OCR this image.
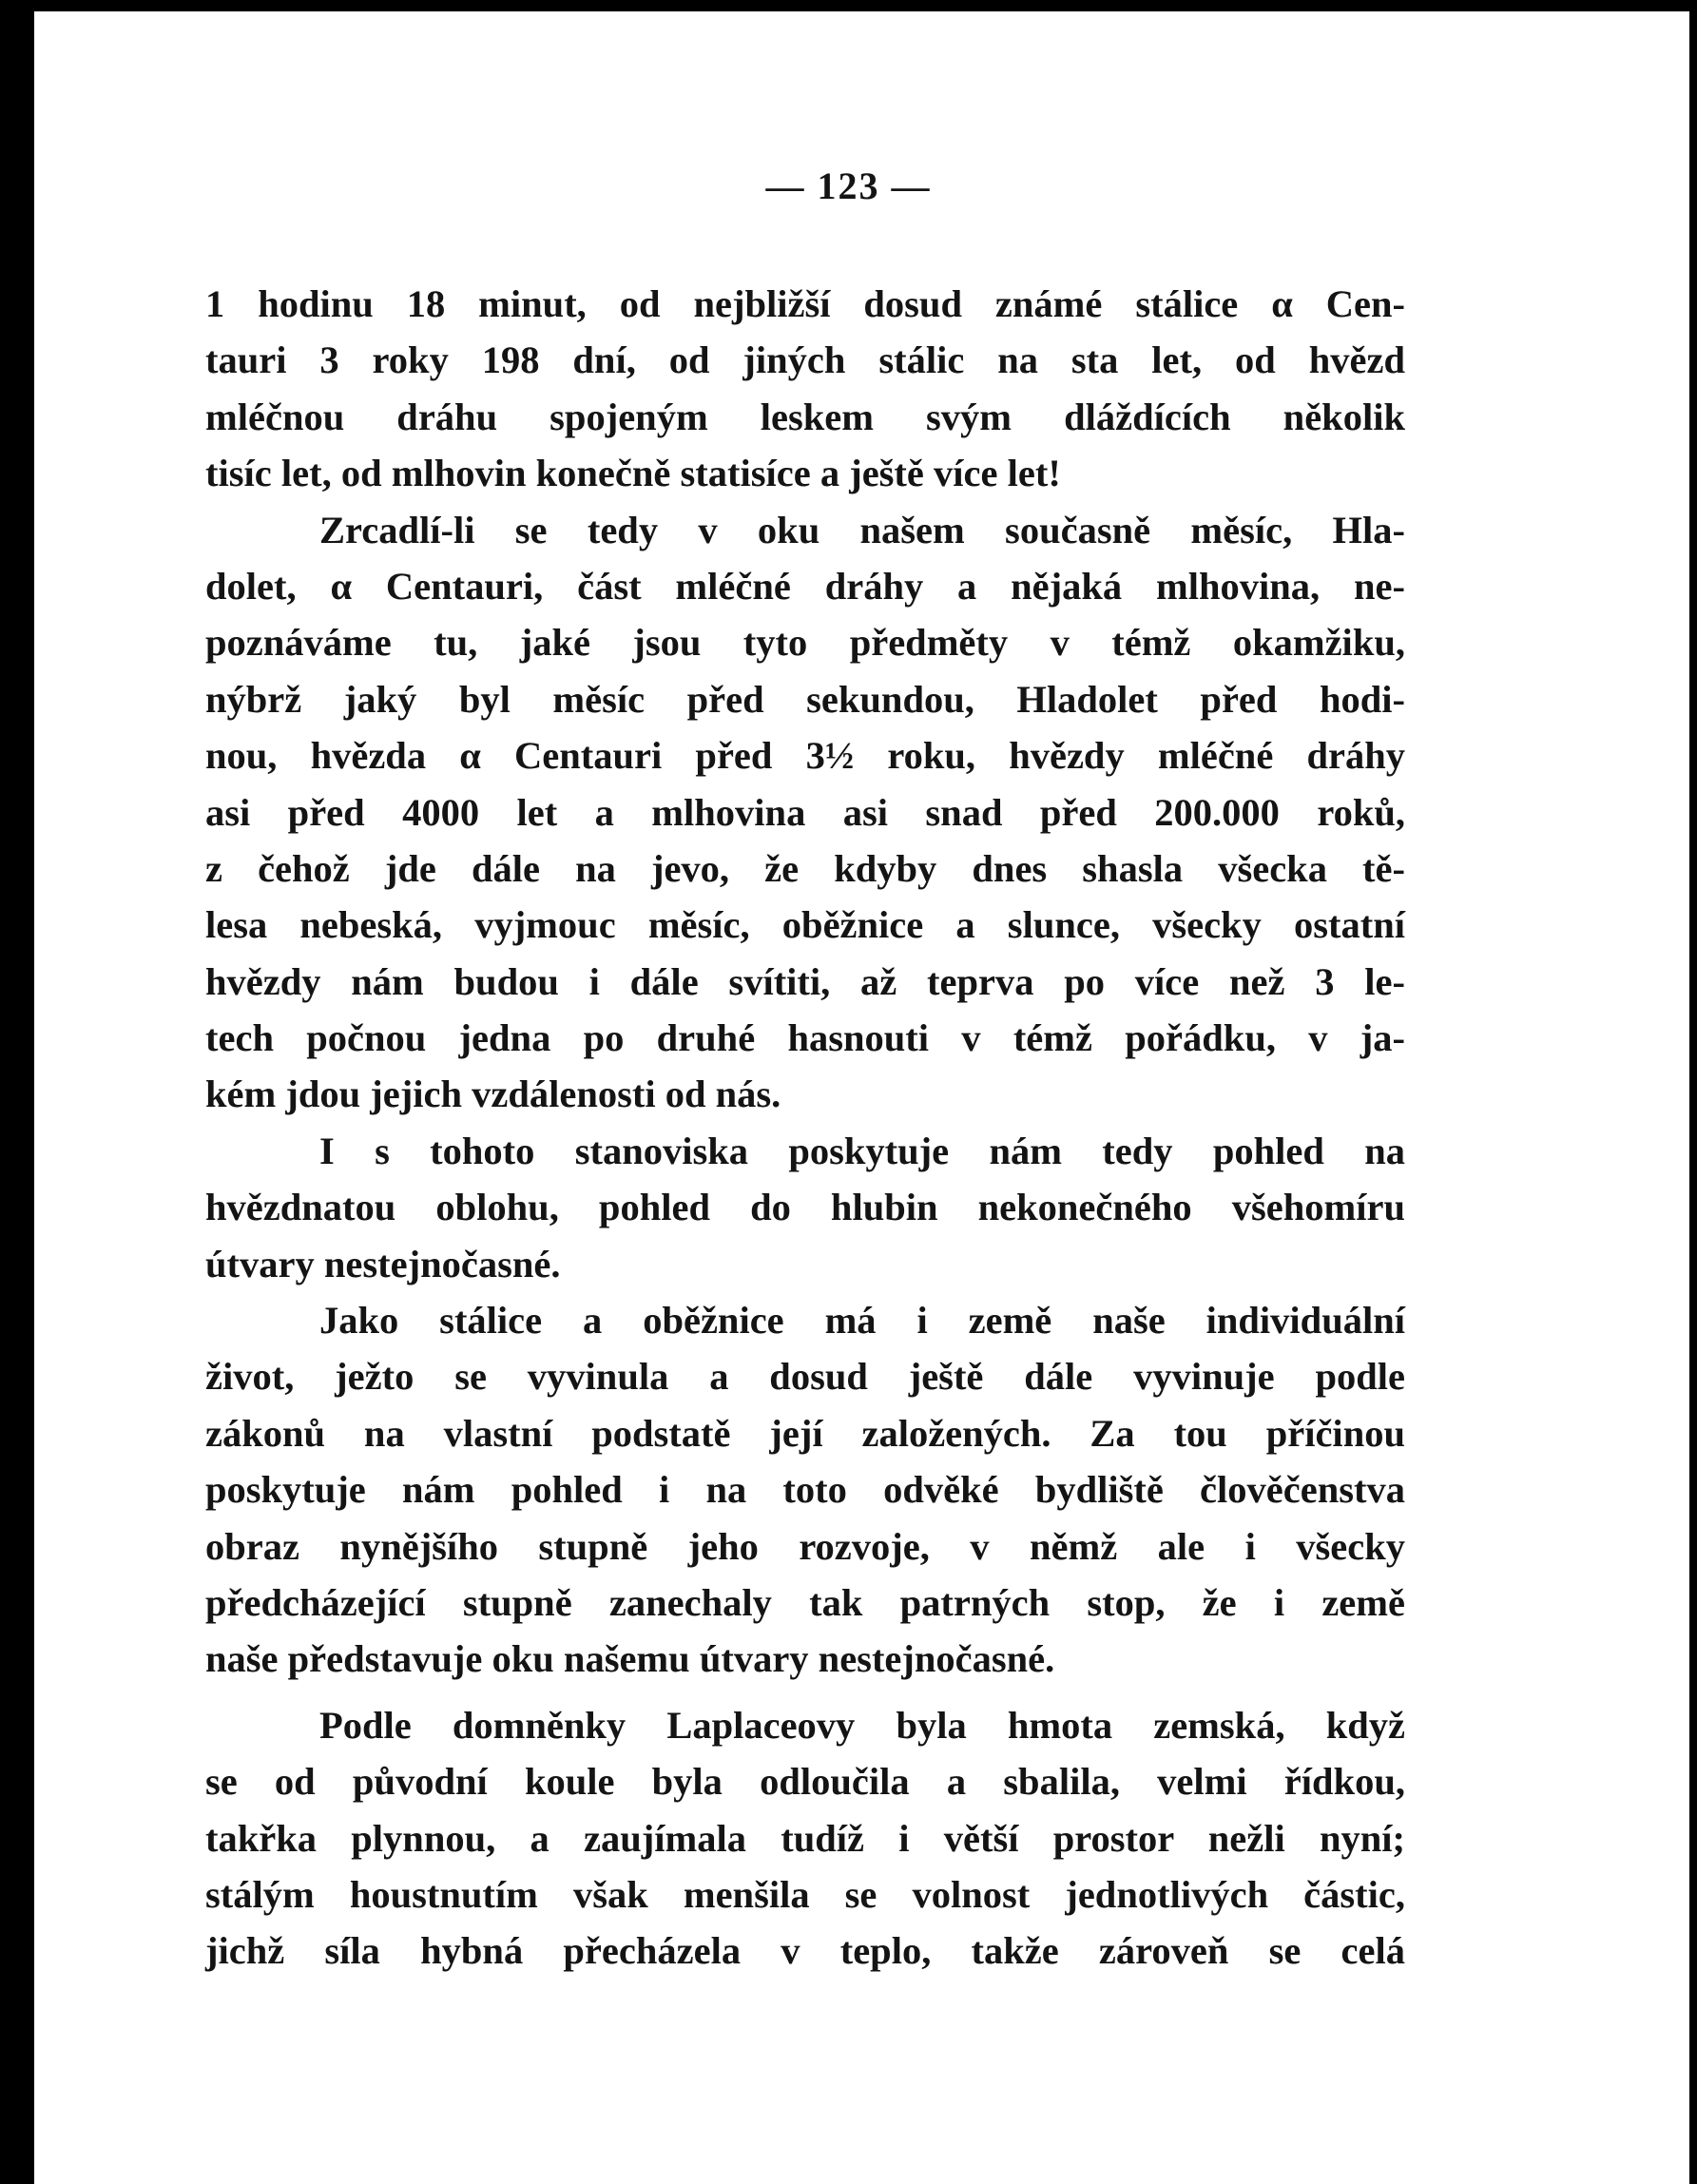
— 123 —
1 hodinu 18 minut, od nejbližší dosud známé stálice α Cen-
tauri 3 roky 198 dní, od jiných stálic na sta let, od hvězd
mléčnou dráhu spojeným leskem svým dláždících několik
tisíc let, od mlhovin konečně statisíce a ještě více let!
Zrcadlí-li se tedy v oku našem současně měsíc, Hla-
dolet, α Centauri, část mléčné dráhy a nějaká mlhovina, ne-
poznáváme tu, jaké jsou tyto předměty v témž okamžiku,
nýbrž jaký byl měsíc před sekundou, Hladolet před hodi-
nou, hvězda α Centauri před 3½ roku, hvězdy mléčné dráhy
asi před 4000 let a mlhovina asi snad před 200.000 roků,
z čehož jde dále na jevo, že kdyby dnes shasla všecka tě-
lesa nebeská, vyjmouc měsíc, oběžnice a slunce, všecky ostatní
hvězdy nám budou i dále svítiti, až teprva po více než 3 le-
tech počnou jedna po druhé hasnouti v témž pořádku, v ja-
kém jdou jejich vzdálenosti od nás.
I s tohoto stanoviska poskytuje nám tedy pohled na
hvězdnatou oblohu, pohled do hlubin nekonečného všehomíru
útvary nestejnočasné.
Jako stálice a oběžnice má i země naše individuální
život, ježto se vyvinula a dosud ještě dále vyvinuje podle
zákonů na vlastní podstatě její založených. Za tou příčinou
poskytuje nám pohled i na toto odvěké bydliště člověčenstva
obraz nynějšího stupně jeho rozvoje, v němž ale i všecky
předcházející stupně zanechaly tak patrných stop, že i země
naše představuje oku našemu útvary nestejnočasné.
Podle domněnky Laplaceovy byla hmota zemská, když
se od původní koule byla odloučila a sbalila, velmi řídkou,
takřka plynnou, a zaujímala tudíž i větší prostor nežli nyní;
stálým houstnutím však menšila se volnost jednotlivých částic,
jichž síla hybná přecházela v teplo, takže zároveň se celá
